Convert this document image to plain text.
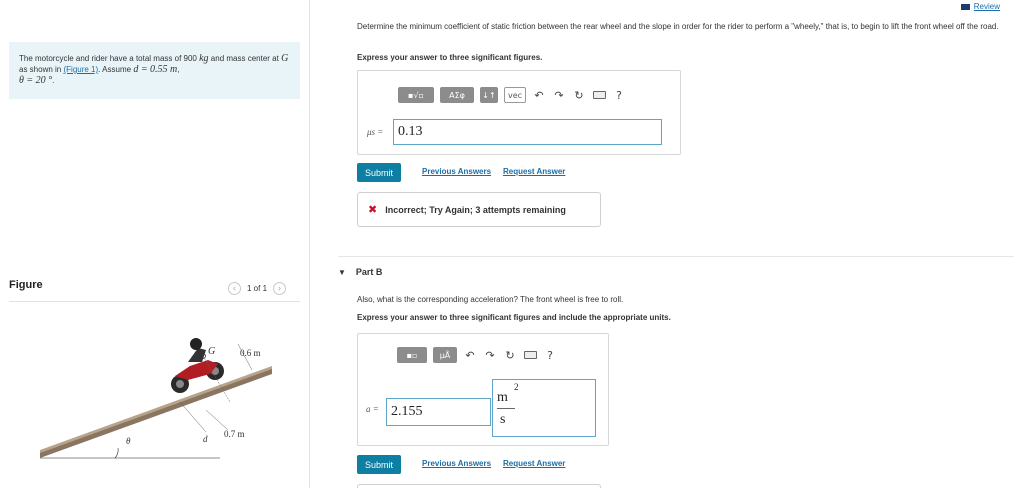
The motorcycle and rider have a total mass of 900 kg and mass center at G as shown in (Figure 1). Assume d = 0.55 m,
θ = 20 °.
Figure	‹	1 of 1	›
G	0.6 m
0.7 m
d
θ
Review
Determine the minimum coefficient of static friction between the rear wheel and the slope in order for the rider to perform a "wheely," that is, to begin to lift the front wheel off the road.
Express your answer to three significant figures.
▪√▫	ΑΣφ	↓↑	vec	↶ ↷ ↻	?
μs =	0.13
Submit	Previous Answers Request Answer
✖ Incorrect; Try Again; 3 attempts remaining
▼ Part B
Also, what is the corresponding acceleration? The front wheel is free to roll.
Express your answer to three significant figures and include the appropriate units.
▪▫	μÅ	↶ ↷ ↻	?
a = 2.155
m
2
s
Submit	Previous Answers Request Answer
